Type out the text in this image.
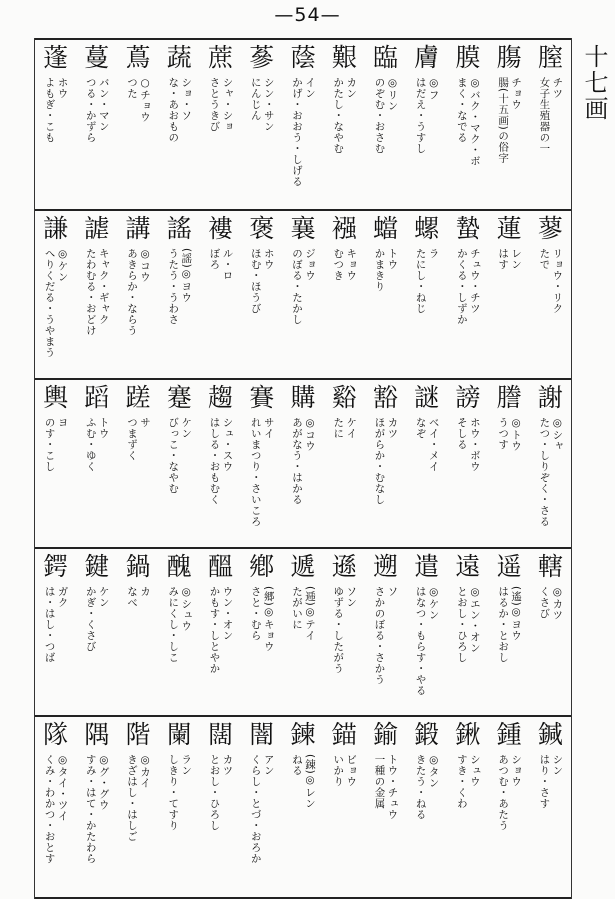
—54—
十七画
膣
チツ
女子生殖器の一
膓
チョウ
腸(十五画)の俗字
膜
◎バク・マク・ボ
まく・なでる
膚
◎フ
はだえ・うすし
臨
◎リン
のぞむ・おさむ
艱
カン
かたし・なやむ
蔭
イン
かげ・おおう・しげる
蔘
シン・サン
にんじん
蔗
シャ・ショ
さとうきび
蔬
ショ・ソ
な・あおもの
蔦
○チョウ
つた
蔓
バン・マン
つる・かずら
蓬
ホウ
よもぎ・こも
蓼
リョウ・リク
たで
蓮
レン
はす
蟄
チュウ・チツ
かくる・しずか
螺
ラ
たにし・ねじ
蟷
トウ
かまきり
襁
キョウ
むつき
襄
ジョウ
のぼる・たかし
褒
ホウ
ほむ・ほうび
褸
ル・ロ
ぼろ
謠
(謡)◎ヨウ
うたう・うわさ
講
◎コウ
あきらか・ならう
謔
キャク・ギャク
たわむる・おどけ
謙
◎ケン
へりくだる・うやまう
謝
◎シャ
たつ・しりぞく・さる
謄
◎トウ
うつす
謗
ホウ・ボウ
そしる
謎
ベイ・メイ
なぞ
豁
カツ
ほがらか・むなし
谿
ケイ
たに
購
◎コウ
あがなう・はかる
賽
サイ
れいまつり・さいころ
趨
シュ・スウ
はしる・おもむく
蹇
ケン
びっこ・なやむ
蹉
サ
つまずく
蹈
トウ
ふむ・ゆく
輿
ヨ
のす・こし
轄
◎カツ
くさび
遥
(遙)◎ヨウ
はるか・とおし
遠
◎エン・オン
とおし・ひろし
遣
◎ケン
はなつ・もらす・やる
遡
ソ
さかのぼる・さかう
遜
ソン
ゆずる・したがう
遞
(逓)◎テイ
たがいに
鄕
(郷)◎キョウ
さと・むら
醞
ウン・オン
かもす・しとやか
醜
◎シュウ
みにくし・しこ
鍋
カ
なべ
鍵
ケン
かぎ・くさび
鍔
ガク
は・はし・つば
鍼
シン
はり・さす
鍾
ショウ
あつむ・あたう
鍬
シュウ
すき・くわ
鍛
◎タン
きたう・ねる
鍮
トウ・チュウ
一種の金属
錨
ビョウ
いかり
鍊
(錬)◎レン
ねる
闇
アン
くらし・とづ・おろか
闊
カツ
とおし・ひろし
闌
ラン
しきり・てすり
階
◎カイ
きざはし・はしご
隅
◎グ・グウ
すみ・はて・かたわら
隊
◎タイ・ツイ
くみ・わかつ・おとす
